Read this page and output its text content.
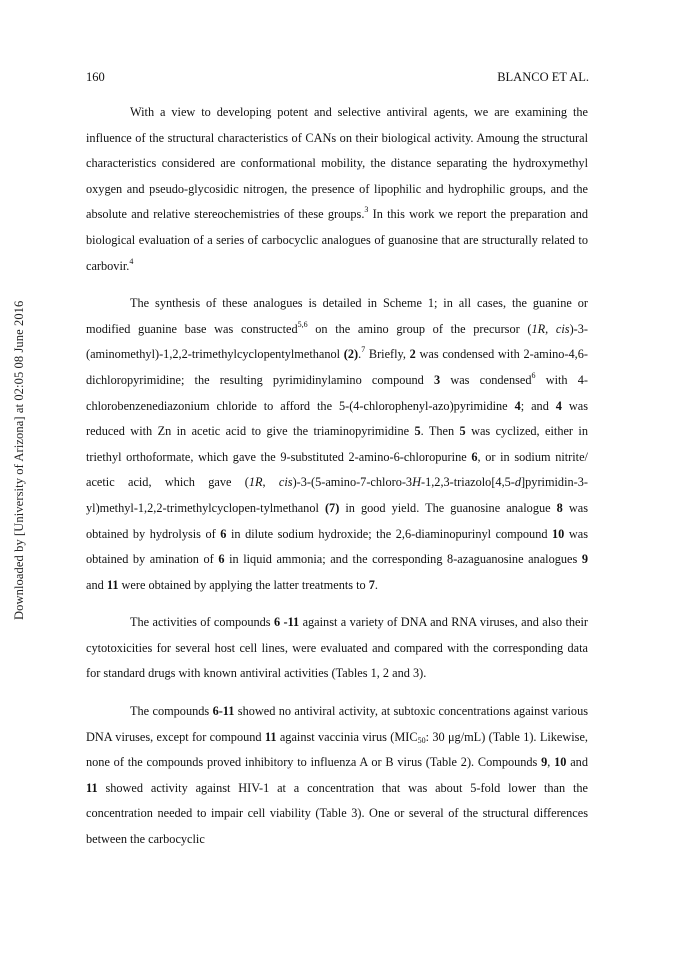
160	BLANCO ET AL.
Downloaded by [University of Arizona] at 02:05 08 June 2016

With a view to developing potent and selective antiviral agents, we are examining the influence of the structural characteristics of CANs on their biological activity. Amoung the structural characteristics considered are conformational mobility, the distance separating the hydroxymethyl oxygen and pseudo-glycosidic nitrogen, the presence of lipophilic and hydrophilic groups, and the absolute and relative stereochemistries of these groups.$^3$ In this work we report the preparation and biological evaluation of a series of carbocyclic analogues of guanosine that are structurally related to carbovir.$^4$

The synthesis of these analogues is detailed in Scheme 1; in all cases, the guanine or modified guanine base was constructed$^{5,6}$ on the amino group of the precursor (1R, cis)-3-(aminomethyl)-1,2,2-trimethylcyclopentylmethanol (2).$^7$ Briefly, 2 was condensed with 2-amino-4,6-dichloropyrimidine; the resulting pyrimidinylamino compound 3 was condensed$^6$ with 4-chlorobenzenediazonium chloride to afford the 5-(4-chlorophenyl-azo)pyrimidine 4; and 4 was reduced with Zn in acetic acid to give the triaminopyrimidine 5. Then 5 was cyclized, either in triethyl orthoformate, which gave the 9-substituted 2-amino-6-chloropurine 6, or in sodium nitrite/ acetic acid, which gave (1R, cis)-3-(5-amino-7-chloro-3H-1,2,3-triazolo[4,5-d]pyrimidin-3-yl)methyl-1,2,2-trimethylcyclopen-tylmethanol (7) in good yield. The guanosine analogue 8 was obtained by hydrolysis of 6 in dilute sodium hydroxide; the 2,6-diaminopurinyl compound 10 was obtained by amination of 6 in liquid ammonia; and the corresponding 8-azaguanosine analogues 9 and 11 were obtained by applying the latter treatments to 7.

The activities of compounds 6 -11 against a variety of DNA and RNA viruses, and also their cytotoxicities for several host cell lines, were evaluated and compared with the corresponding data for standard drugs with known antiviral activities (Tables 1, 2 and 3).

The compounds 6-11 showed no antiviral activity, at subtoxic concentrations against various DNA viruses, except for compound 11 against vaccinia virus ($MIC_{50}$: 30 μg/mL) (Table 1). Likewise, none of the compounds proved inhibitory to influenza A or B virus (Table 2). Compounds 9, 10 and 11 showed activity against HIV-1 at a concentration that was about 5-fold lower than the concentration needed to impair cell viability (Table 3). One or several of the structural differences between the carbocyclic
